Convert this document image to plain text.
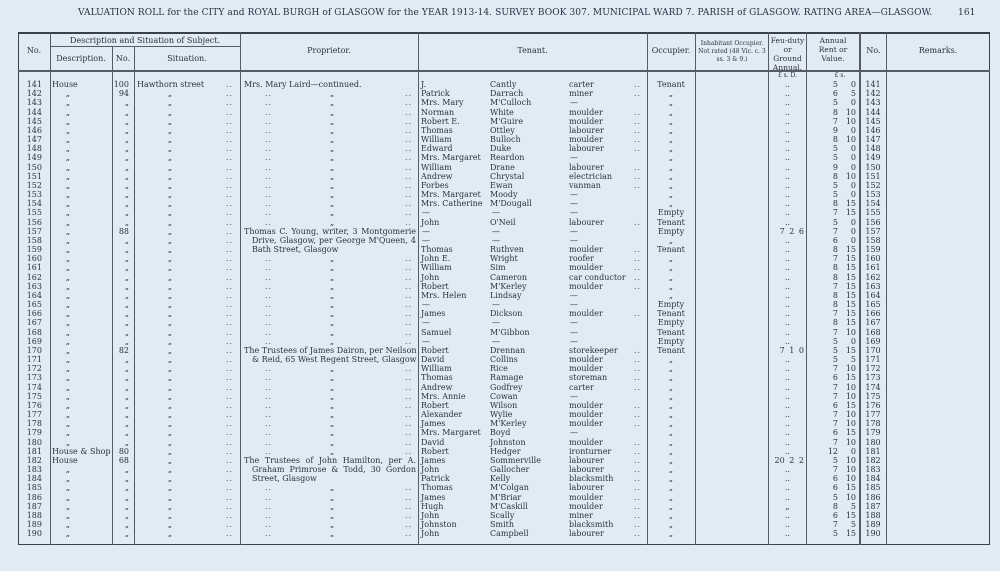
VALUATION ROLL for the CITY and ROYAL BURGH of GLASGOW for the YEAR 1913-14. SURVEY BOOK 307. MUNICIPAL WARD 7. PARISH of GLASGOW. RATING AREA—GLASGOW.	161
No.
Description and Situation of Subject.
Description.	No.	Situation.
Proprietor.	Tenant.	Occupier.
Inhabitant Occupier. Not rated (48 Vic. c. 3 ss. 3 & 9.)
Feu-duty or Ground Annual.
Annual Rent or Value.
No.	Remarks.
£ s. D.	£ s.
141 House	100 Hawthorn street	.. Mrs. Mary Laird—continued.	J.	Cantly	carter	..	Tenant	..	5	0	141
142	„	94	„	..	..	„	.. Patrick	Darrach	miner	..	„	..	6	5	142
143	„	„	„	..	..	„	.. Mrs. Mary	M'Culloch	—	„	..	5	0	143
144	„	„	„	..	..	„	.. Norman	White	moulder	..	„	..	8 10	144
145	„	„	„	..	..	„	.. Robert E.	M'Guire	moulder	..	„	..	7 10	145
146	„	„	„	..	..	„	.. Thomas	Ottley	labourer	..	„	..	9	0	146
147	„	„	„	..	..	„	.. William	Bulloch	moulder	..	„	..	8 10	147
148	„	„	„	..	..	„	.. Edward	Duke	labourer	..	„	..	5	0	148
149	„	„	„	..	..	„	.. Mrs. Margaret Reardon	—	„	..	5	0	149
150	„	„	„	..	..	„	.. William	Drane	labourer	..	„	..	9	0	150
151	„	„	„	..	..	„	.. Andrew	Chrystal	electrician	..	„	..	8 10	151
152	„	„	„	..	..	„	.. Forbes	Ewan	vanman	..	„	..	5	0	152
153	„	„	„	..	..	„	.. Mrs. Margaret Moody	—	„	..	5	0	153
154	„	„	„	..	..	„	.. Mrs. Catherine M'Dougall	—	„	..	8 15	154
155	„	„	„	..	..	„	.. —	—	—	Empty	..	7 15	155
156	„	„	„	..	..	„	.. John	O'Neil	labourer	..	Tenant	..	5	0	156
157	„	88	„	.. Thomas C. Young, writer, 3 Montgomerie —	—	—	Empty	7 2 6	7	0	157
158	„	„	„	.. Drive, Glasgow, per George M'Queen, 4 —	—	—	„	..	6	0	158
159	„	„	„	.. Bath Street, Glasgow	Thomas	Ruthven	moulder	..	Tenant	..	8 15	159
160	„	„	„	..	..	„	.. John E.	Wright	roofer	..	„	..	7 15	160
161	„	„	„	..	..	„	.. William	Sim	moulder	..	„	..	8 15	161
162	„	„	„	..	..	„	.. John	Cameron	car conductor ..	„	..	8 15	162
163	„	„	„	..	..	„	.. Robert	M'Kerley	moulder	..	„	..	7 15	163
164	„	„	„	..	..	„	.. Mrs. Helen	Lindsay	—	„	..	8 15	164
165	„	„	„	..	..	„	.. —	—	—	Empty	..	8 15	165
166	„	„	„	..	..	„	.. James	Dickson	moulder	..	Tenant	..	7 15	166
167	„	„	„	..	..	„	.. —	—	—	Empty	..	8 15	167
168	„	„	„	..	..	„	.. Samuel	M'Gibbon	—	Tenant	..	7 10	168
169	„	„	„	..	..	„	.. —	—	—	Empty	..	5	0	169
170	„	82	„	.. The Trustees of James Dairon, per Neilson Robert	Drennan	storekeeper ..	Tenant	7 1 0	5 15	170
171	„	„	„	.. & Reid, 65 West Regent Street, Glasgow David	Collins	moulder	..	„	..	5	5	171
172	„	„	„	..	..	„	.. William	Rice	moulder	..	„	..	7 10	172
173	„	„	„	..	..	„	.. Thomas	Ramage	storeman	..	„	..	6 15	173
174	„	„	„	..	..	„	.. Andrew	Godfrey	carter	..	„	..	7 10	174
175	„	„	„	..	..	„	.. Mrs. Annie	Cowan	—	„	..	7 10	175
176	„	„	„	..	..	„	.. Robert	Wilson	moulder	..	„	..	6 15	176
177	„	„	„	..	..	„	.. Alexander	Wylie	moulder	..	„	..	7 10	177
178	„	„	„	..	..	„	.. James	M'Kerley	moulder	..	„	..	7 10	178
179	„	„	„	..	..	„	.. Mrs. Margaret Boyd	—	„	..	6 15	179
180	„	„	„	..	..	„	.. David	Johnston	moulder	..	„	..	7 10	180
181 House & Shop	80	„	..	..	„	.. Robert	Hedger	ironturner	..	„	..	12	0	181
182 House	68	„	.. The Trustees of John Hamilton, per A. James	Sommerville	labourer	..	„	20 2 2	5 10	182
183	„	„	„	.. Graham Primrose & Todd, 30 Gordon John	Gallocher	labourer	..	„	..	7 10	183
184	„	„	„	.. Street, Glasgow	Patrick	Kelly	blacksmith	..	„	..	6 10	184
185	„	„	„	..	..	„	.. Thomas	M'Colgan	labourer	..	„	..	6 15	185
186	„	„	„	..	..	„	.. James	M'Briar	moulder	..	„	..	5 10	186
187	„	„	„	..	..	„	.. Hugh	M'Caskill	moulder	..	„	„	8	5	187
188	„	„	„	..	..	„	.. John	Scally	miner	..	„	..	6 15	188
189	„	„	„	..	..	„	.. Johnston	Smith	blacksmith	..	„	..	7	5	189
190	„	„	„	..	..	„	.. John	Campbell	labourer	..	„	..	5 15	190
